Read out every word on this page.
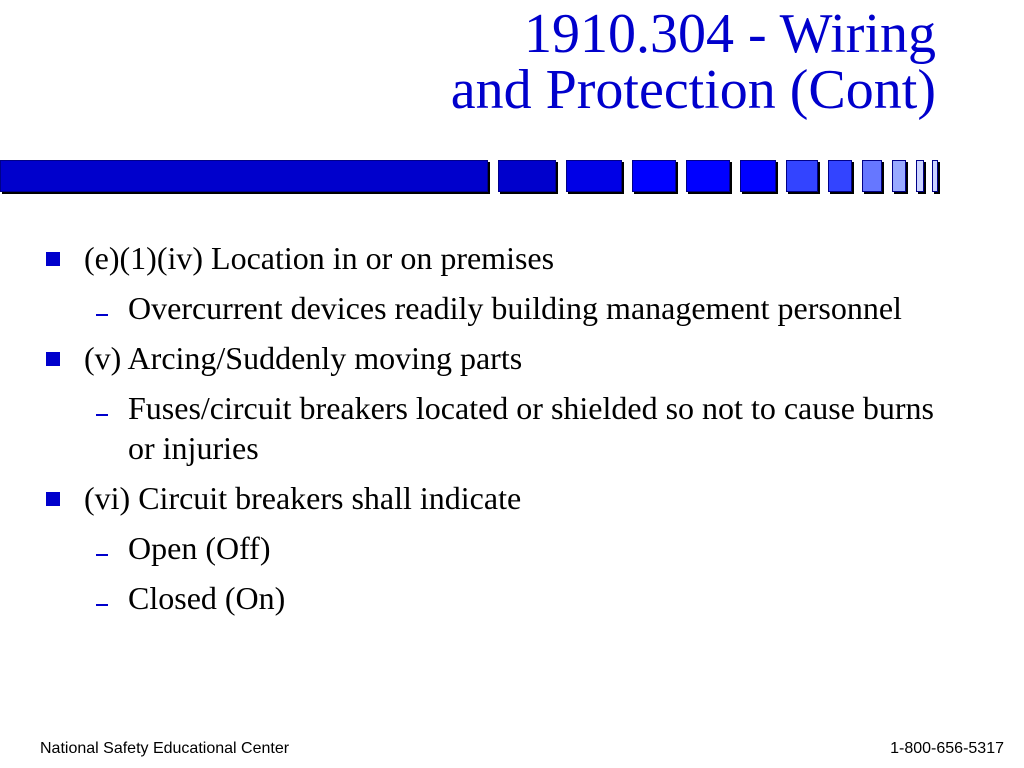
1910.304 - Wiring
and Protection (Cont)
(e)(1)(iv) Location in or on premises
Overcurrent devices readily building management personnel
(v) Arcing/Suddenly moving parts
Fuses/circuit breakers located or shielded so not to cause burns or injuries
(vi) Circuit breakers shall indicate
Open (Off)
Closed (On)
National Safety Educational Center	1-800-656-5317
